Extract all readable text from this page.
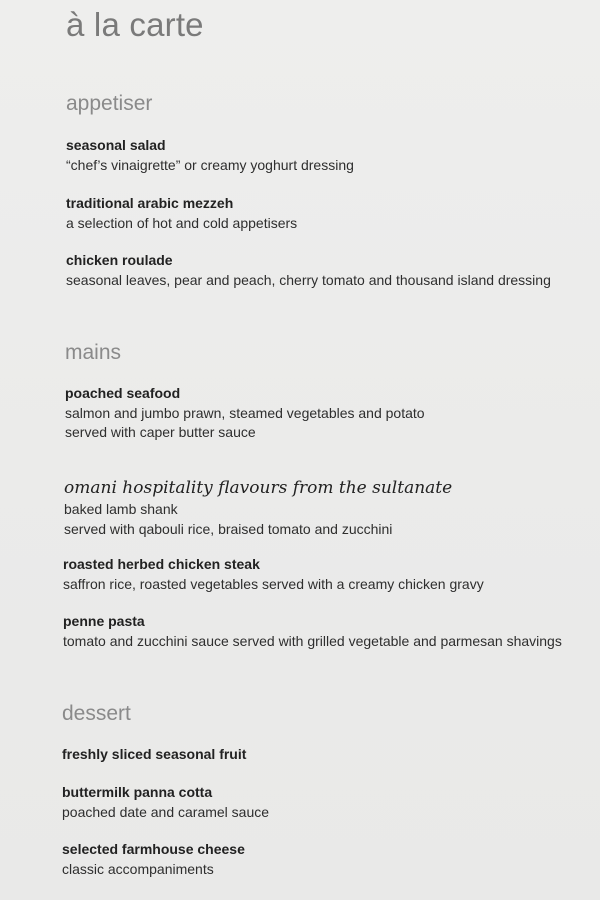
à la carte
appetiser
seasonal salad
“chef’s vinaigrette” or creamy yoghurt dressing
traditional arabic mezzeh
a selection of hot and cold appetisers
chicken roulade
seasonal leaves, pear and peach, cherry tomato and thousand island dressing
mains
poached seafood
salmon and jumbo prawn, steamed vegetables and potato
served with caper butter sauce
omani hospitality flavours from the sultanate
baked lamb shank
served with qabouli rice, braised tomato and zucchini
roasted herbed chicken steak
saffron rice, roasted vegetables served with a creamy chicken gravy
penne pasta
tomato and zucchini sauce served with grilled vegetable and parmesan shavings
dessert
freshly sliced seasonal fruit
buttermilk panna cotta
poached date and caramel sauce
selected farmhouse cheese
classic accompaniments
